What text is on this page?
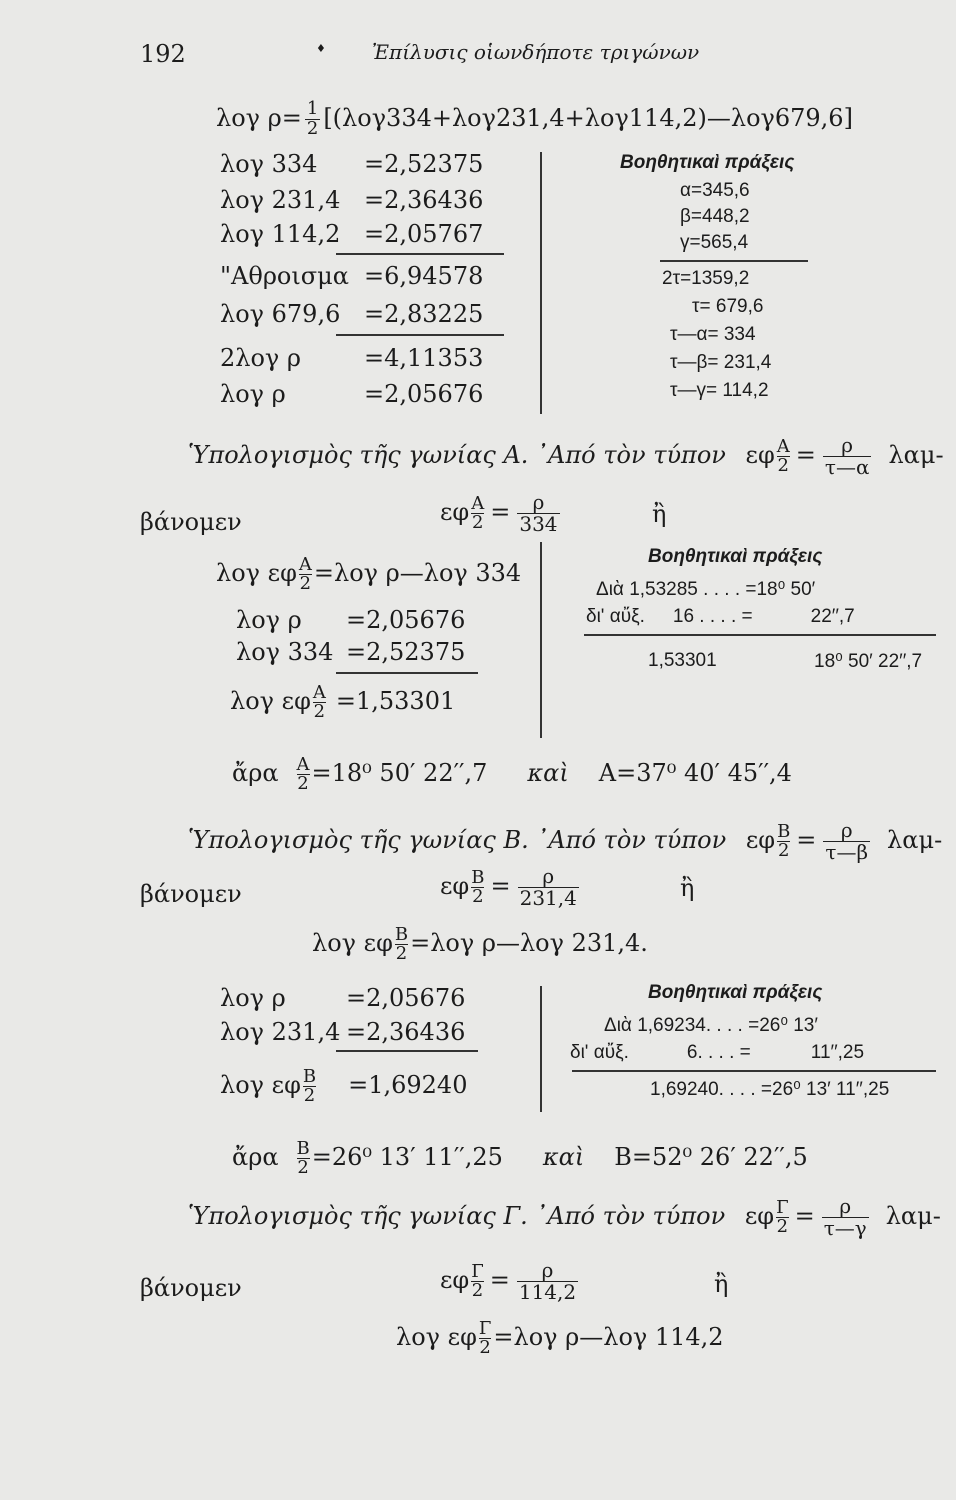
192	♦ Ἐπίλυσις οἱωνδήποτε τριγώνων
λογ $\rho= \frac{1}{2}$ [(λογ334+λογ231,4+λογ114,2)—λογ679,6]
λογ 334 =2,52375
λογ 231,4 =2,36436
λογ 114,2 =2,05767
"Αθροισμα =6,94578
λογ 679,6 =2,83225
2λογ ρ	=4,11353
λογ ρ	=2,05676
Βοηθητικαὶ πράξεις
α=345,6
β=448,2
γ=565,4
2τ=1359,2
τ= 679,6
τ—α= 334
τ—β= 231,4
τ—γ= 114,2
Ὑπολογισμὸς τῆς γωνίας Α. ᾿Από τὸν τύπον εφ $\frac{A}{2} = \frac{\rho}{\tau—\alpha} \lambda\alpha\mu-$
βάνομεν	εφ $\frac{A}{2} = \frac{\rho}{334}$	ἢ
λογ εφ $\frac{A}{2} =\lambda o\gamma$ ρ—λογ 334
λογ ρ =2,05676
λογ 334 =2,52375
λογ εφ $\frac{A}{2} =1,53301$
Βοηθητικαὶ πράξεις
Διὰ 1,53285 . . . . =18⁰ 50′
δι' αὔξ. 16 . . . . =	22′′,7
1,53301	18⁰ 50′ 22′′,7
ἄρα $\frac{A}{2} =18^0$ 50′ 22′′,7 καὶ Α=37⁰ 40′ 45′′,4
Ὑπολογισμὸς τῆς γωνίας Β. ᾿Από τὸν τύπον εφ $\frac{B}{2} = \frac{\rho}{\tau—\beta} \lambda\alpha\mu-$
βάνομεν	εφ $\frac{B}{2} = \frac{\rho}{231,4}$	ἢ
λογ εφ $\frac{B}{2} =\lambda o\gamma$ ρ—λογ 231,4.
λογ ρ	=2,05676
λογ 231,4 =2,36436
λογ εφ $\frac{B}{2} =1,69240$
Βοηθητικαὶ πράξεις
Διὰ 1,69234. . . . =26⁰ 13′
δι' αὔξ.	6. . . . =	11′′,25
1,69240. . . . =26⁰ 13′ 11′′,25
ἄρα $\frac{B}{2} =26^0$ 13′ 11′′,25 καὶ Β=52⁰ 26′ 22′′,5
Ὑπολογισμὸς τῆς γωνίας Γ. ᾿Από τὸν τύπον εφ $\frac{\Gamma}{2} = \frac{\rho}{\tau—\gamma} \lambda\alpha\mu-$
βάνομεν	εφ $\frac{\Gamma}{2} = \frac{\rho}{114,2}$	ἢ
λογ εφ $\frac{\Gamma}{2} =\lambda o\gamma$ ρ—λογ 114,2
